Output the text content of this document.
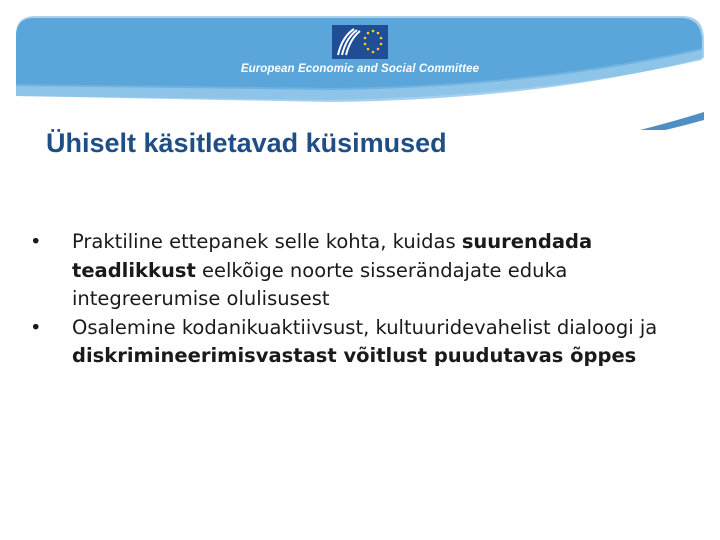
European Economic and Social Committee
Ühiselt käsitletavad küsimused
•	Praktiline ettepanek selle kohta, kuidas suurendada teadlikkust eelkõige noorte sisserändajate eduka integreerumise olulisusest
•	Osalemine kodanikuaktiivsust, kultuuridevahelist dialoogi ja diskrimineerimisvastast võitlust puudutavas õppes
